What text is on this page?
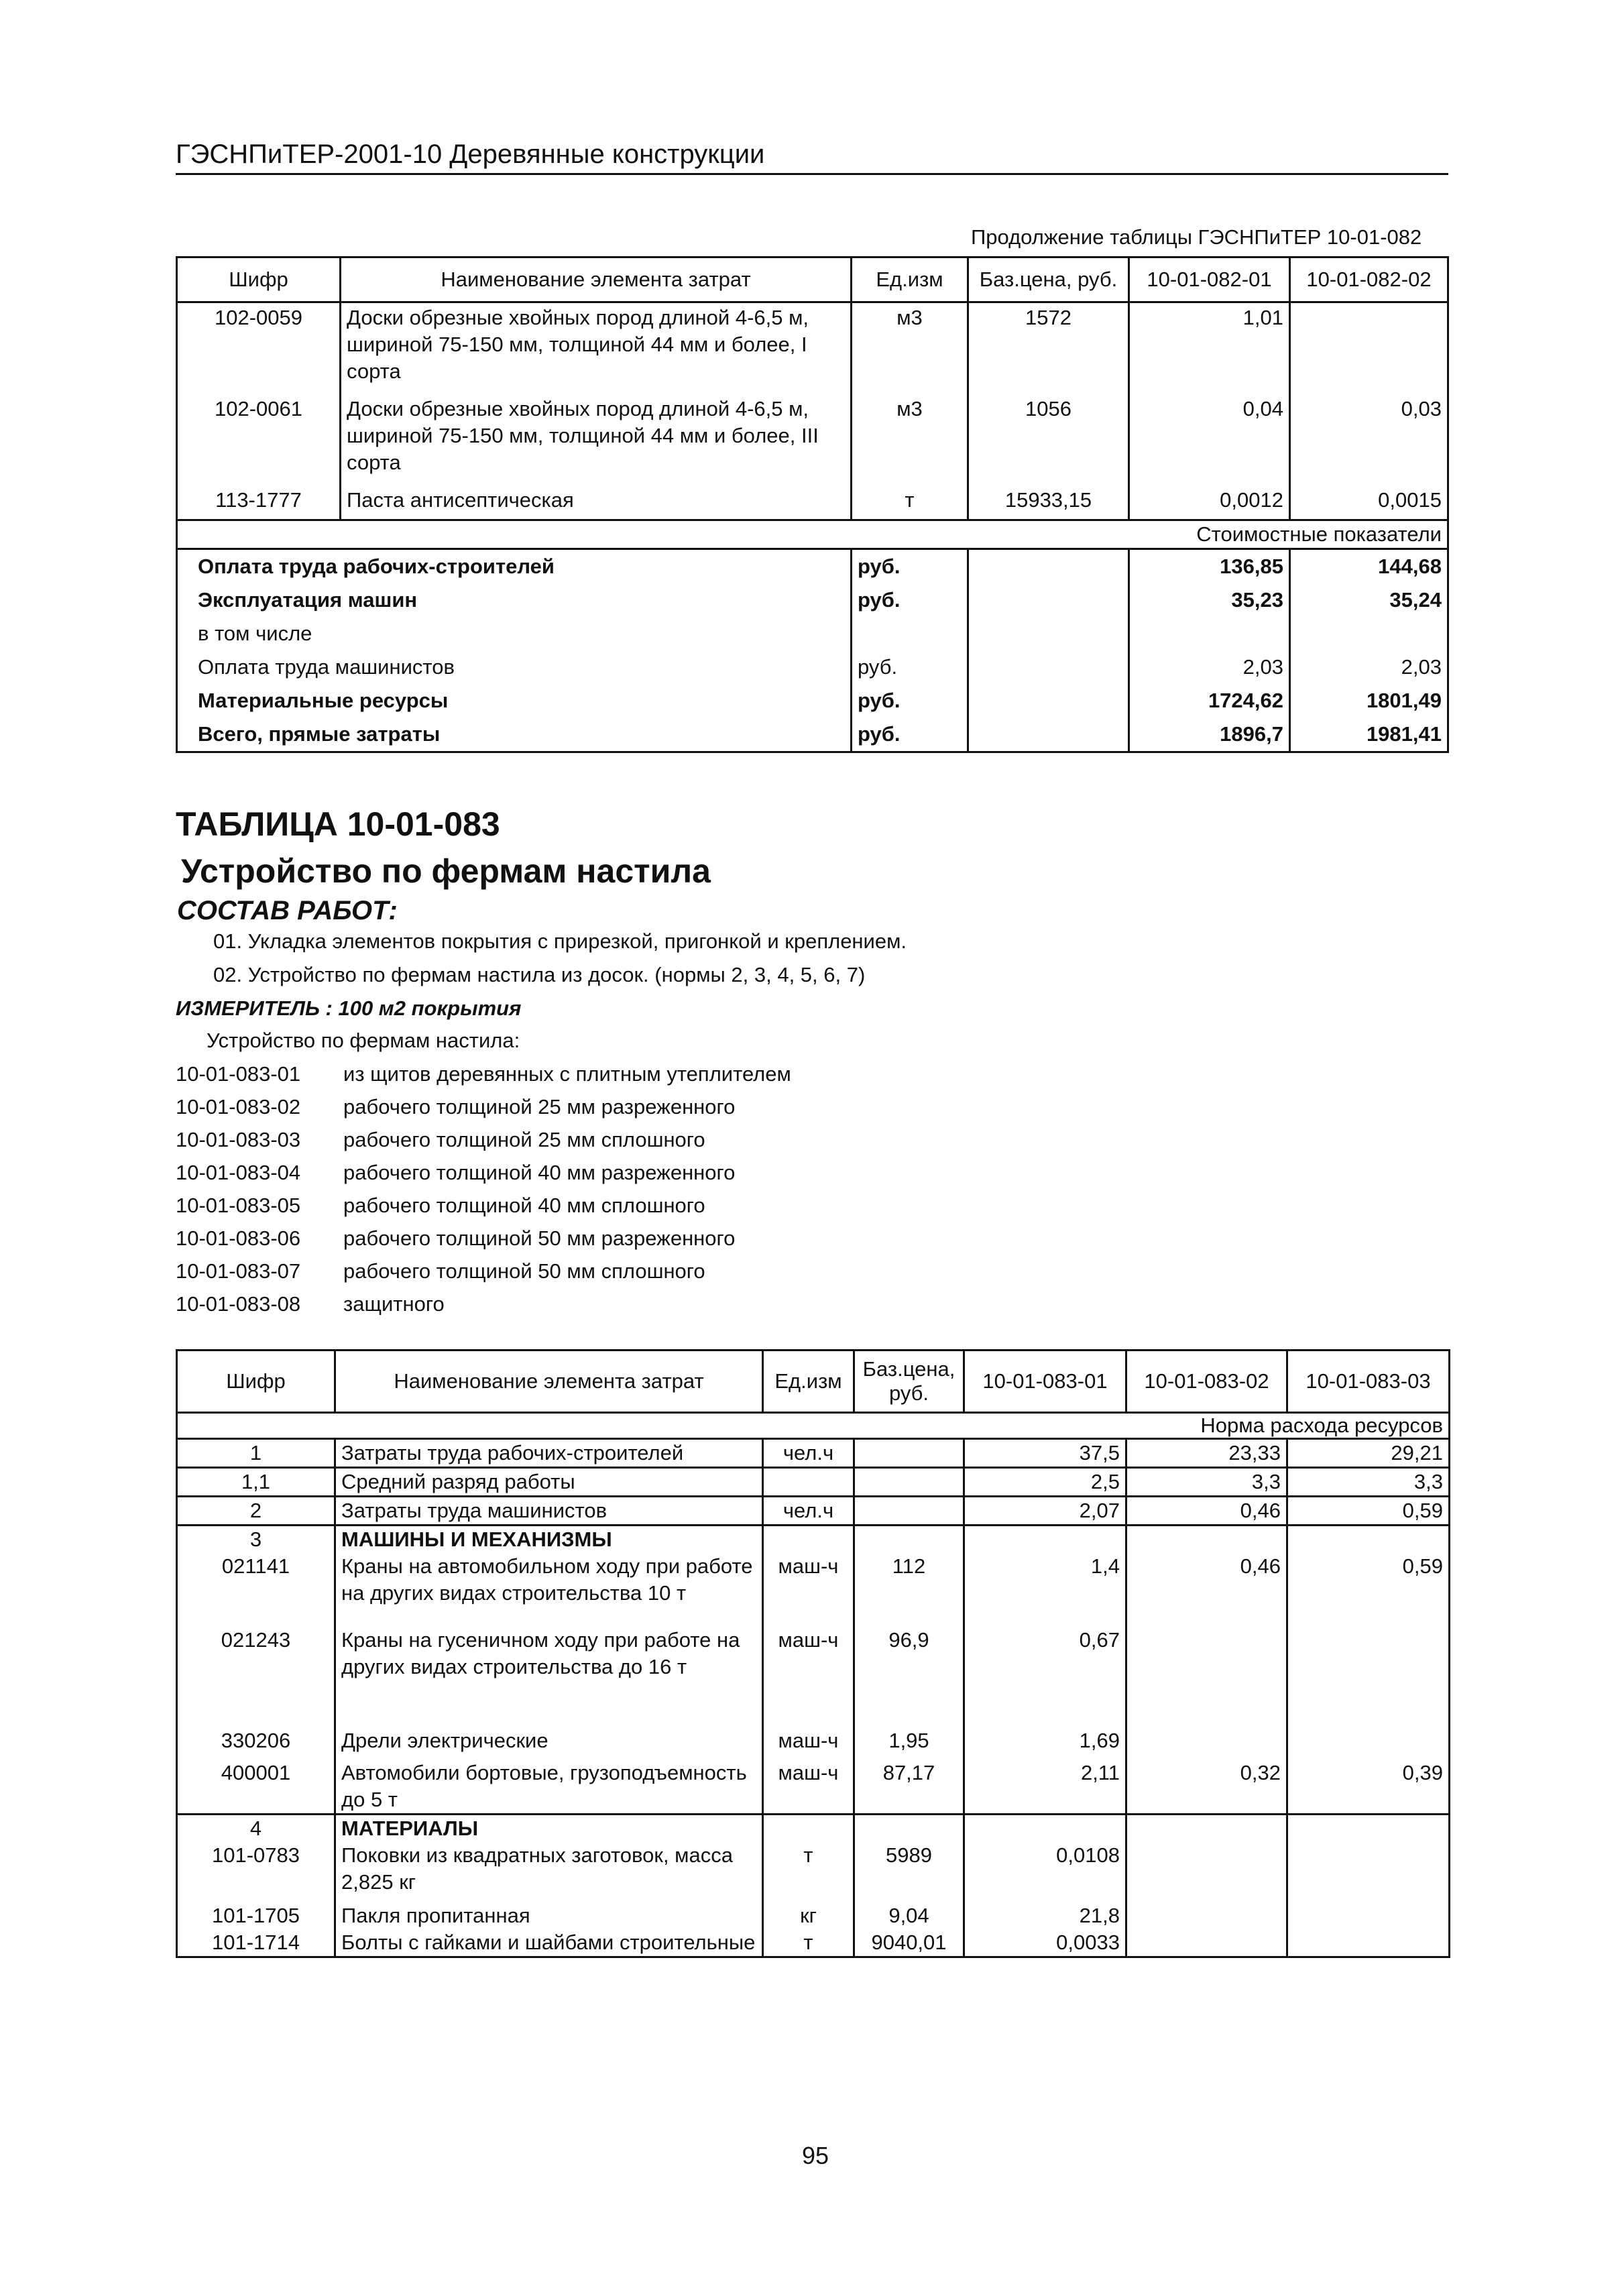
ГЭСНПиТЕР-2001-10 Деревянные конструкции
Продолжение таблицы ГЭСНПиТЕР 10-01-082
Шифр	Наименование элемента затрат	Ед.изм	Баз.цена, руб.	10-01-082-01	10-01-082-02
102-0059	Доски обрезные хвойных пород длиной 4-6,5 м, шириной 75-150 мм, толщиной 44 мм и более, I сорта	м3	1572	1,01	
102-0061	Доски обрезные хвойных пород длиной 4-6,5 м, шириной 75-150 мм, толщиной 44 мм и более, III сорта	м3	1056	0,04	0,03
113-1777	Паста антисептическая	т	15933,15	0,0012	0,0015
Стоимостные показатели					
Оплата труда рабочих-строителей		руб.		136,85	144,68
Эксплуатация машин		руб.		35,23	35,24
в том числе					
Оплата труда машинистов		руб.		2,03	2,03
Материальные ресурсы		руб.		1724,62	1801,49
Всего, прямые затраты		руб.		1896,7	1981,41
ТАБЛИЦА 10-01-083
Устройство по фермам настила
СОСТАВ РАБОТ:
01. Укладка элементов покрытия с прирезкой, пригонкой и креплением.
02. Устройство по фермам настила из досок. (нормы 2, 3, 4, 5, 6, 7)
ИЗМЕРИТЕЛЬ : 100 м2 покрытия
Устройство по фермам настила:
10-01-083-01 из щитов деревянных с плитным утеплителем
10-01-083-02 рабочего толщиной 25 мм разреженного
10-01-083-03 рабочего толщиной 25 мм сплошного
10-01-083-04 рабочего толщиной 40 мм разреженного
10-01-083-05 рабочего толщиной 40 мм сплошного
10-01-083-06 рабочего толщиной 50 мм разреженного
10-01-083-07 рабочего толщиной 50 мм сплошного
10-01-083-08 защитного
Шифр	Наименование элемента затрат	Ед.изм	Баз.цена, руб.	10-01-083-01	10-01-083-02	10-01-083-03
Норма расхода ресурсов						
1	Затраты труда рабочих-строителей	чел.ч		37,5	23,33	29,21
1,1	Средний разряд работы			2,5	3,3	3,3
2	Затраты труда машинистов	чел.ч		2,07	0,46	0,59
3	МАШИНЫ И МЕХАНИЗМЫ					
021141	Краны на автомобильном ходу при работе на других видах строительства 10 т	маш-ч	112	1,4	0,46	0,59
021243	Краны на гусеничном ходу при работе на других видах строительства до 16 т	маш-ч	96,9	0,67		
330206	Дрели электрические	маш-ч	1,95	1,69		
400001	Автомобили бортовые, грузоподъемность до 5 т	маш-ч	87,17	2,11	0,32	0,39
4	МАТЕРИАЛЫ					
101-0783	Поковки из квадратных заготовок, масса 2,825 кг	т	5989	0,0108		
101-1705	Пакля пропитанная	кг	9,04	21,8		
101-1714	Болты с гайками и шайбами строительные	т	9040,01	0,0033		
95
